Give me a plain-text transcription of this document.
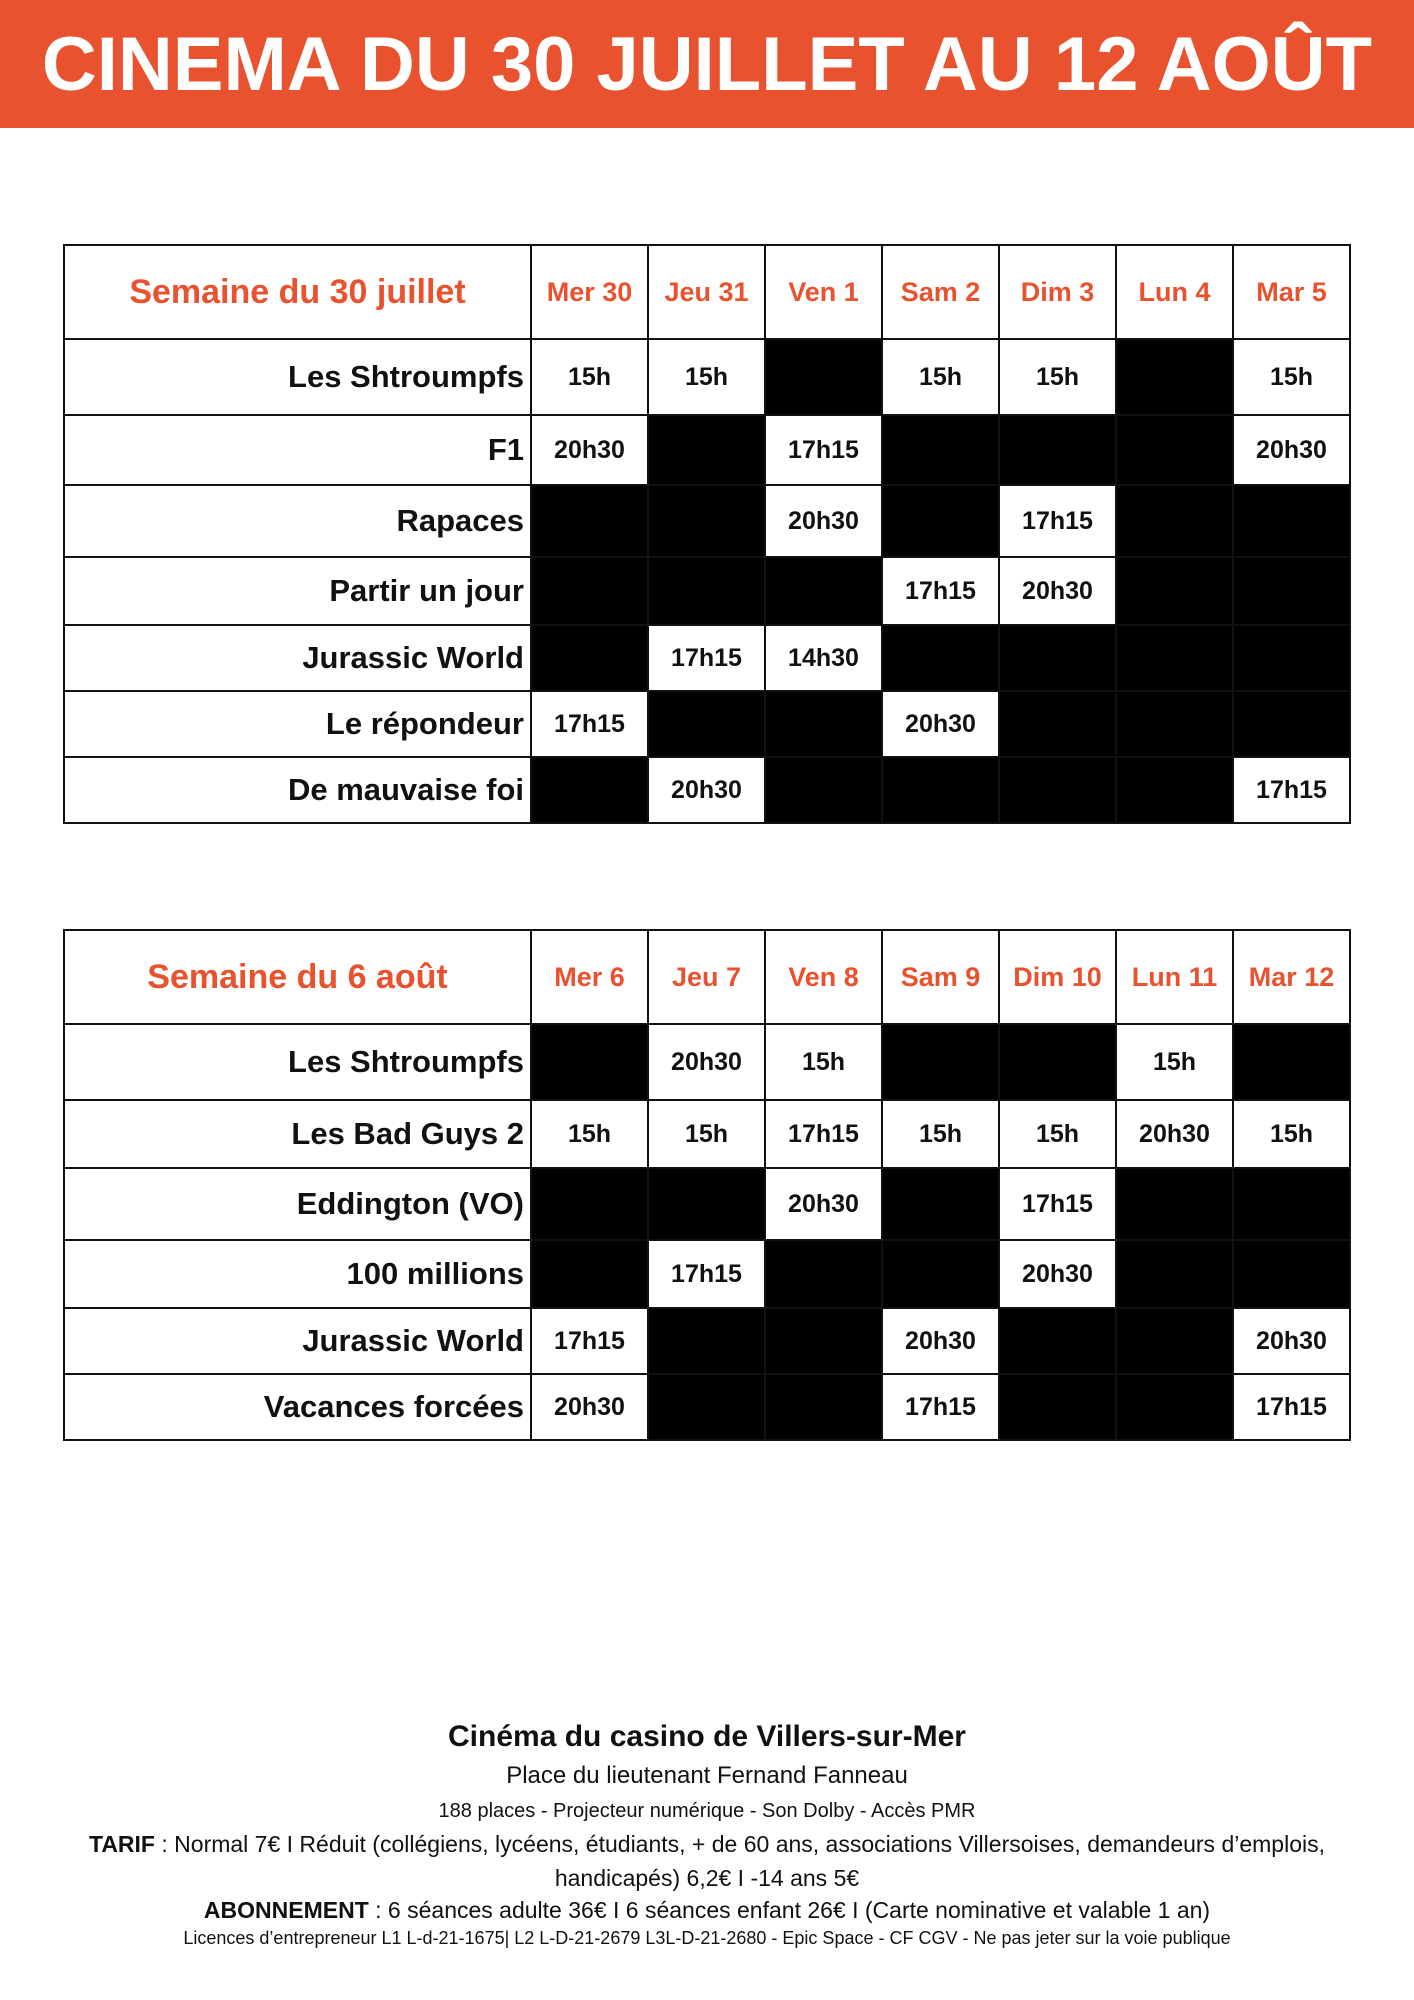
CINEMA DU 30 JUILLET AU 12 AOÛT
Semaine du 30 juillet	Mer 30	Jeu 31	Ven 1	Sam 2	Dim 3	Lun 4	Mar 5
Les Shtroumpfs	15h	15h		15h	15h		15h
F1	20h30		17h15				20h30
Rapaces			20h30		17h15		
Partir un jour				17h15	20h30		
Jurassic World		17h15	14h30				
Le répondeur	17h15			20h30			
De mauvaise foi		20h30					17h15
Semaine du 6 août	Mer 6	Jeu 7	Ven 8	Sam 9	Dim 10	Lun 11	Mar 12
Les Shtroumpfs		20h30	15h			15h	
Les Bad Guys 2	15h	15h	17h15	15h	15h	20h30	15h
Eddington (VO)			20h30		17h15		
100 millions		17h15			20h30		
Jurassic World	17h15			20h30			20h30
Vacances forcées	20h30			17h15			17h15

Cinéma du casino de Villers-sur-Mer

Place du lieutenant Fernand Fanneau

188 places - Projecteur numérique - Son Dolby - Accès PMR

TARIF : Normal 7€ I Réduit (collégiens, lycéens, étudiants, + de 60 ans, associations Villersoises, demandeurs d’emplois,
handicapés) 6,2€ I -14 ans 5€

ABONNEMENT : 6 séances adulte 36€ I 6 séances enfant 26€ I (Carte nominative et valable 1 an)

Licences d’entrepreneur L1 L-d-21-1675| L2 L-D-21-2679 L3L-D-21-2680 - Epic Space - CF CGV - Ne pas jeter sur la voie publique
